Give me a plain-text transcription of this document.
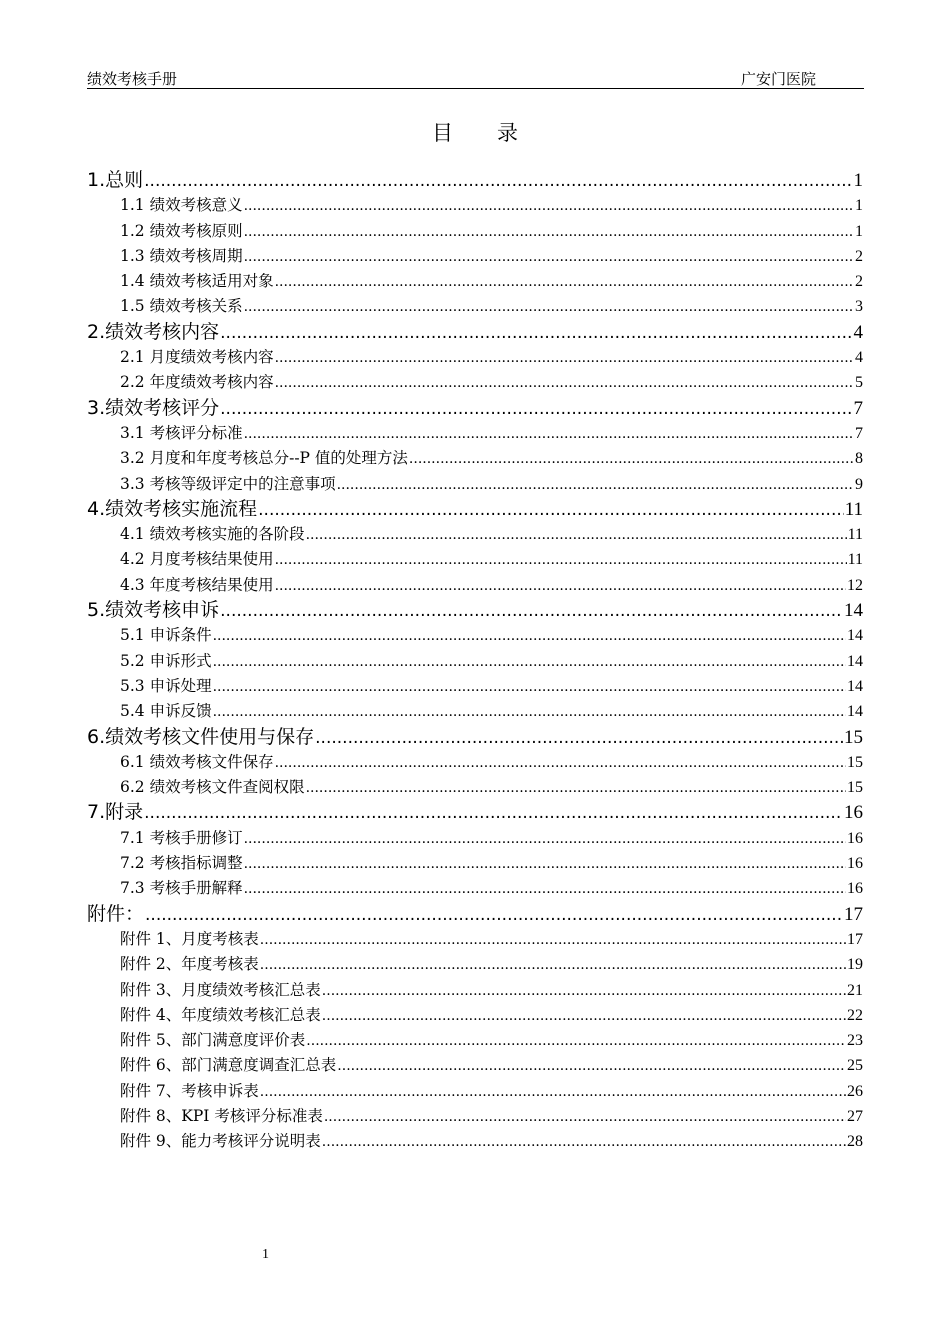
绩效考核手册	广安门医院
目 录
1.总则 .....	1
1.1 绩效考核意义 .....	1
1.2 绩效考核原则 .....	1
1.3 绩效考核周期 .....	2
1.4 绩效考核适用对象 .....	2
1.5 绩效考核关系 .....	3
2.绩效考核内容 .....	4
2.1 月度绩效考核内容 .....	4
2.2 年度绩效考核内容 .....	5
3.绩效考核评分 .....	7
3.1 考核评分标准 .....	7
3.2 月度和年度考核总分--P 值的处理方法 .....	8
3.3 考核等级评定中的注意事项 .....	9
4.绩效考核实施流程 .....	11
4.1 绩效考核实施的各阶段 .....	11
4.2 月度考核结果使用 .....	11
4.3 年度考核结果使用 .....	12
5.绩效考核申诉 .....	14
5.1 申诉条件 .....	14
5.2 申诉形式 .....	14
5.3 申诉处理 .....	14
5.4 申诉反馈 .....	14
6.绩效考核文件使用与保存 .....	15
6.1 绩效考核文件保存 .....	15
6.2 绩效考核文件查阅权限 .....	15
7.附录 .....	16
7.1 考核手册修订 .....	16
7.2 考核指标调整 .....	16
7.3 考核手册解释 .....	16
附件： .....	17
附件 1、月度考核表 .....	17
附件 2、年度考核表 .....	19
附件 3、月度绩效考核汇总表 .....	21
附件 4、年度绩效考核汇总表 .....	22
附件 5、部门满意度评价表 .....	23
附件 6、部门满意度调查汇总表 .....	25
附件 7、考核申诉表 .....	26
附件 8、KPI 考核评分标准表 .....	27
附件 9、能力考核评分说明表 .....	28
1
